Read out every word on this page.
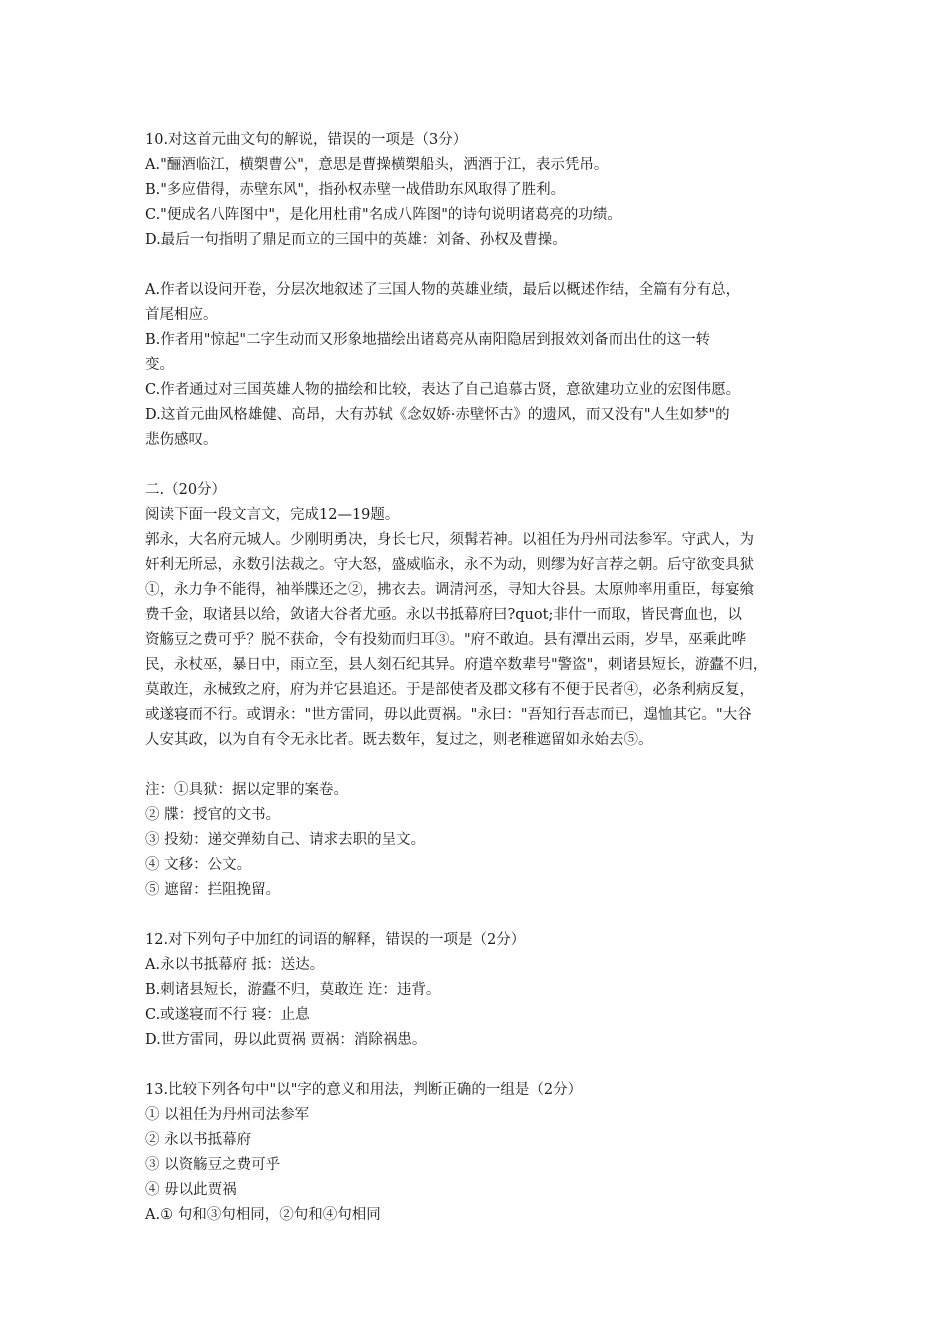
10.对这首元曲文句的解说，错误的一项是（3分）
A."酾酒临江，横槊曹公"，意思是曹操横槊船头，洒酒于江，表示凭吊。
B."多应借得，赤壁东风"，指孙权赤壁一战借助东风取得了胜利。
C."便成名八阵图中"，是化用杜甫"名成八阵图"的诗句说明诸葛亮的功绩。
D.最后一句指明了鼎足而立的三国中的英雄：刘备、孙权及曹操。
A.作者以设问开卷，分层次地叙述了三国人物的英雄业绩，最后以概述作结，全篇有分有总，
首尾相应。
B.作者用"惊起"二字生动而又形象地描绘出诸葛亮从南阳隐居到报效刘备而出仕的这一转
变。
C.作者通过对三国英雄人物的描绘和比较，表达了自己追慕古贤，意欲建功立业的宏图伟愿。
D.这首元曲风格雄健、高昂，大有苏轼《念奴娇·赤壁怀古》的遗风，而又没有"人生如梦"的
悲伤感叹。
二.（20分）
阅读下面一段文言文，完成12—19题。
郭永，大名府元城人。少刚明勇决，身长七尺，须髯若神。以祖任为丹州司法参军。守武人，为
奸利无所忌，永数引法裁之。守大怒，盛威临永，永不为动，则缪为好言荐之朝。后守欲变具狱
①，永力争不能得，袖举牒还之②，拂衣去。调清河丞，寻知大谷县。太原帅率用重臣，每宴飨
费千金，取诸县以给，敛诸大谷者尤亟。永以书抵幕府曰?quot;非什一而取，皆民膏血也，以
资觞豆之费可乎？脱不获命，令有投劾而归耳③。"府不敢迫。县有潭出云雨，岁旱，巫乘此哗
民，永杖巫，暴日中，雨立至，县人刻石纪其异。府遣卒数辈号"警盗"，刺诸县短长，游蠹不归，
莫敢迕，永械致之府，府为并它县追还。于是部使者及郡文移有不便于民者④，必条利病反复，
或遂寝而不行。或谓永："世方雷同，毋以此贾祸。"永曰："吾知行吾志而已，遑恤其它。"大谷
人安其政，以为自有令无永比者。既去数年，复过之，则老稚遮留如永始去⑤。
注：①具狱：据以定罪的案卷。
② 牒：授官的文书。
③ 投劾：递交弹劾自己、请求去职的呈文。
④ 文移：公文。
⑤ 遮留：拦阻挽留。
12.对下列句子中加红的词语的解释，错误的一项是（2分）
A.永以书抵幕府 抵：送达。
B.刺诸县短长，游蠹不归，莫敢迕 迕：违背。
C.或遂寝而不行 寝：止息
D.世方雷同，毋以此贾祸 贾祸：消除祸患。
13.比较下列各句中"以"字的意义和用法，判断正确的一组是（2分）
① 以祖任为丹州司法参军
② 永以书抵幕府
③ 以资觞豆之费可乎
④ 毋以此贾祸
A.① 句和③句相同，②句和④句相同
